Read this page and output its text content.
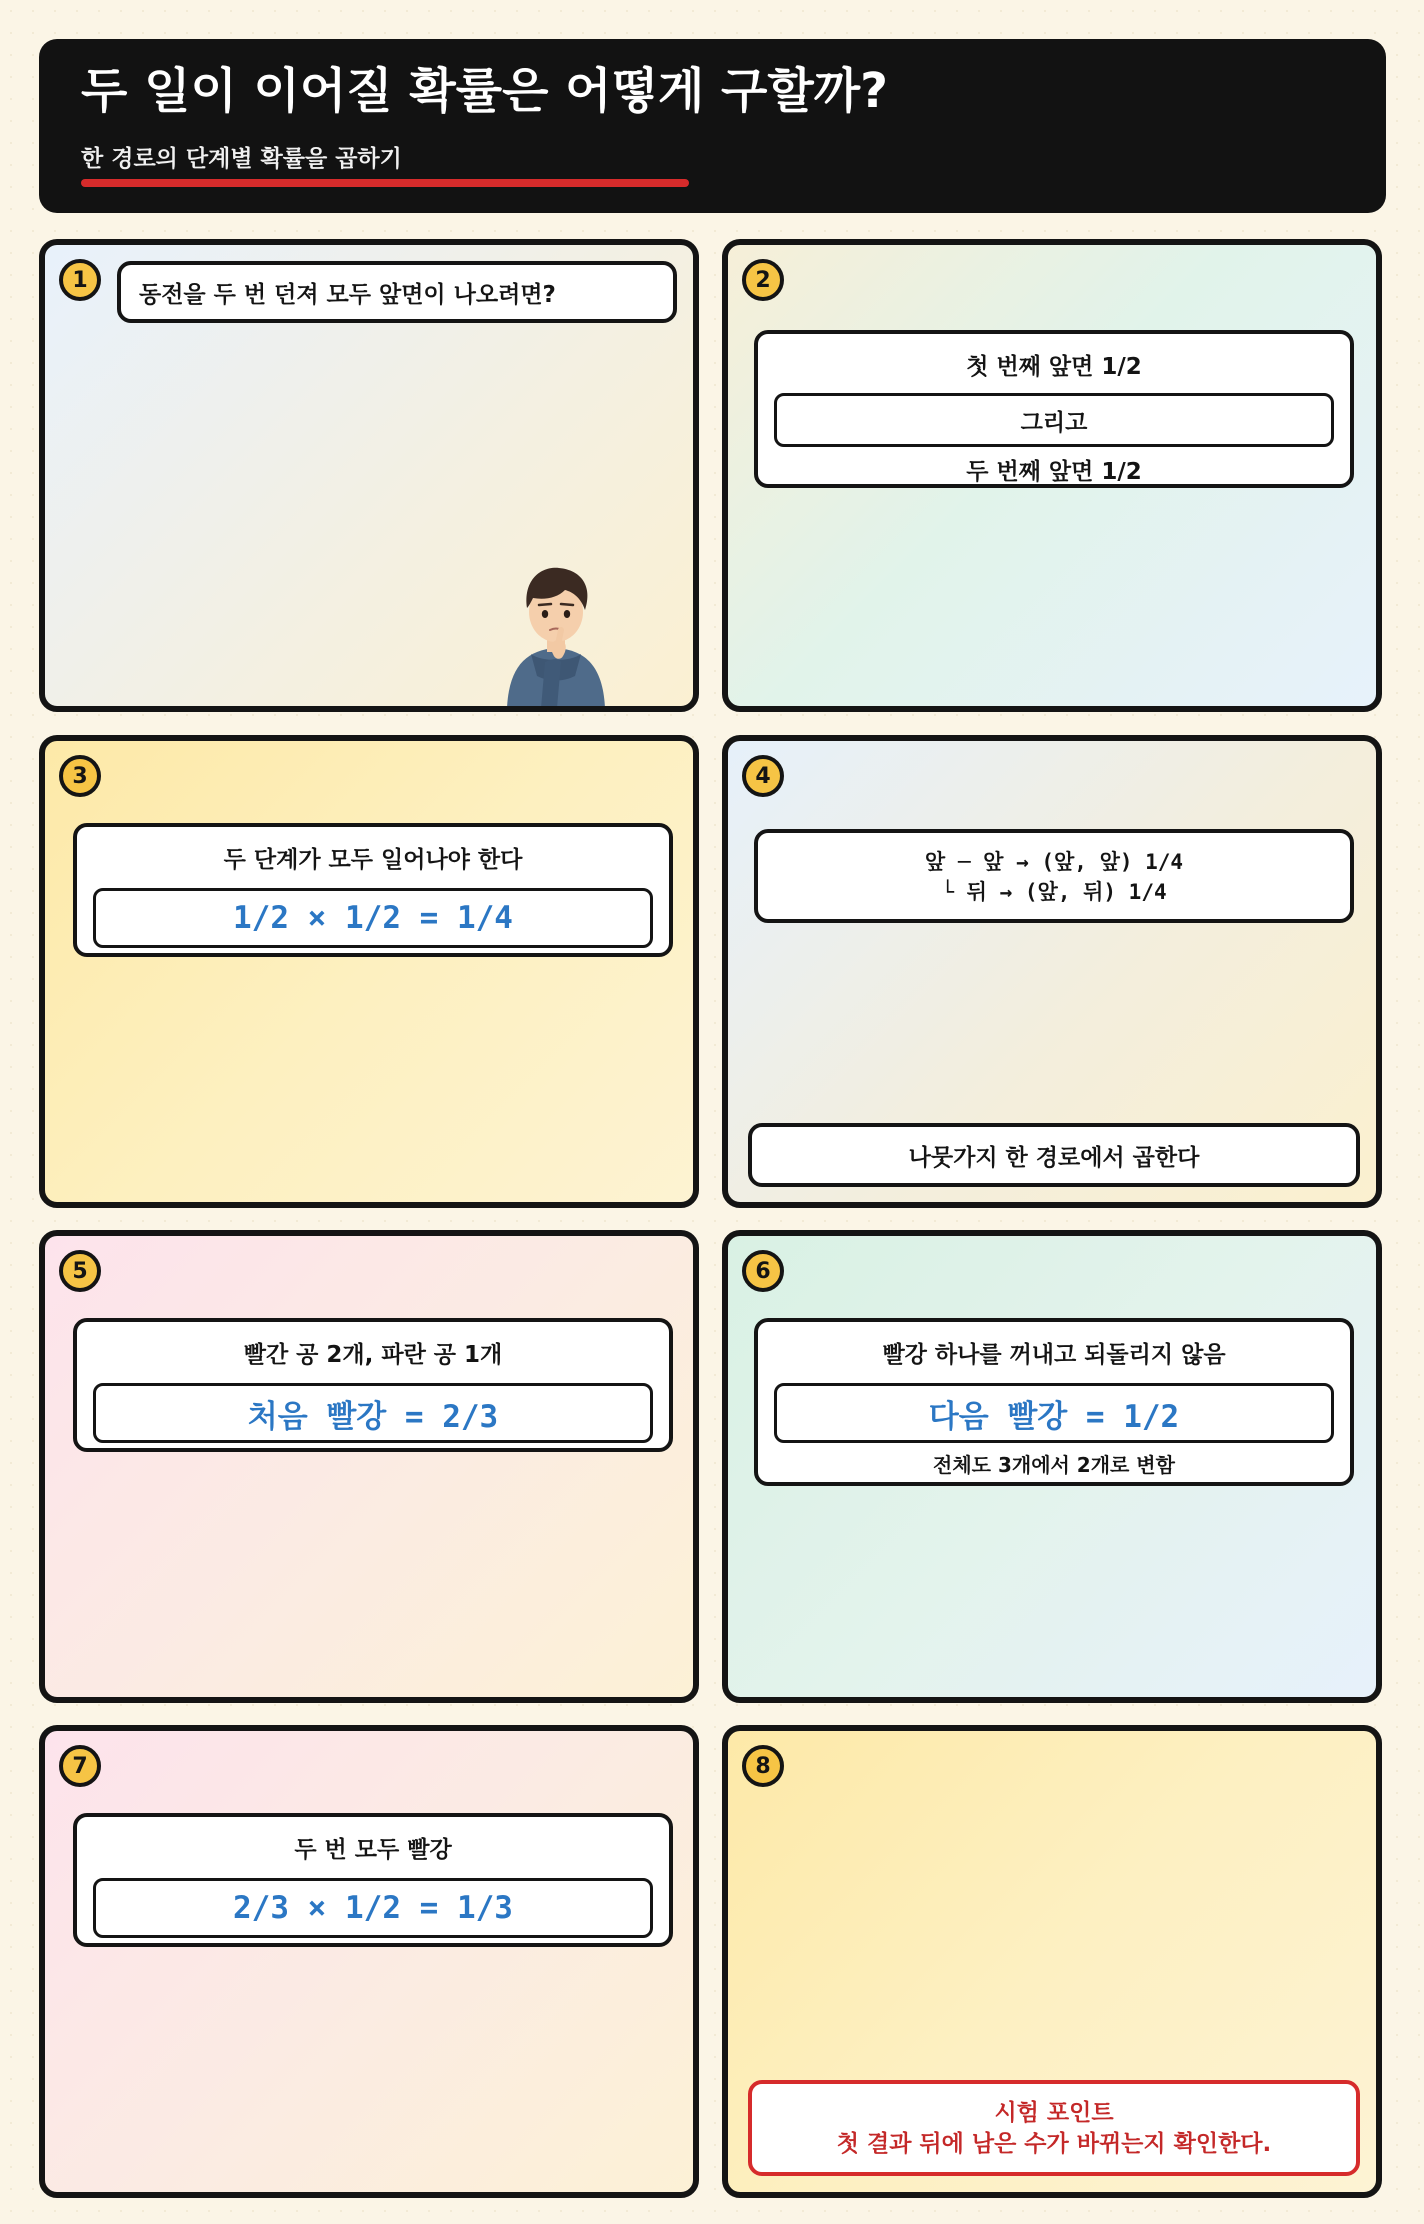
두 일이 이어질 확률은 어떻게 구할까?
한 경로의 단계별 확률을 곱하기
1
동전을 두 번 던져 모두 앞면이 나오려면?
2
첫 번째 앞면 1/2
그리고
두 번째 앞면 1/2
3
두 단계가 모두 일어나야 한다
1/2 × 1/2 = 1/4
4
앞 ─ 앞 → (앞, 앞) 1/4
└ 뒤 → (앞, 뒤) 1/4
나뭇가지 한 경로에서 곱한다
5
빨간 공 2개, 파란 공 1개
처음 빨강 = 2/3
6
빨강 하나를 꺼내고 되돌리지 않음
다음 빨강 = 1/2
전체도 3개에서 2개로 변함
7
두 번 모두 빨강
2/3 × 1/2 = 1/3
8
시험 포인트
첫 결과 뒤에 남은 수가 바뀌는지 확인한다.
